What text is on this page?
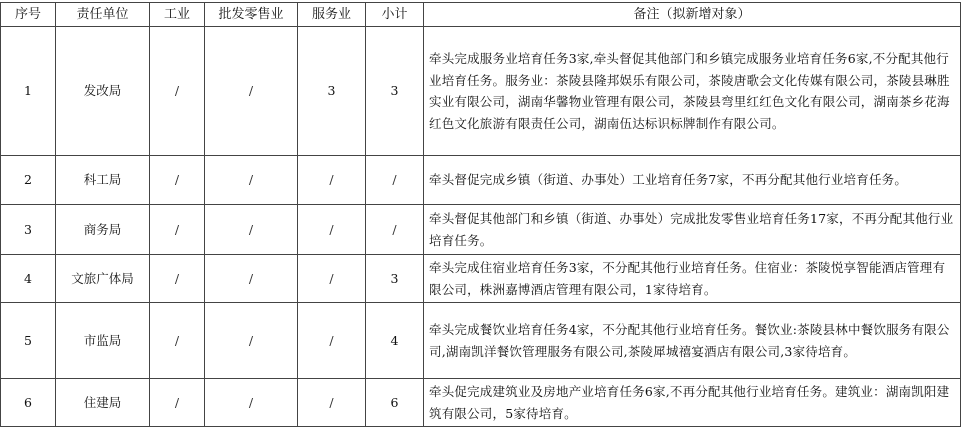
序号	责任单位	工业	批发零售业	服务业	小计	备注（拟新增对象）
1	发改局	/	/	3	3	牵头完成服务业培育任务3家,牵头督促其他部门和乡镇完成服务业培育任务6家,不分配其他行业培育任务。服务业：茶陵县隆邦娱乐有限公司，茶陵唐歌会文化传媒有限公司，茶陵县琳胜实业有限公司，湖南华馨物业管理有限公司，茶陵县弯里红红色文化有限公司，湖南茶乡花海红色文化旅游有限责任公司，湖南伍达标识标牌制作有限公司。
2	科工局	/	/	/	/	牵头督促完成乡镇（街道、办事处）工业培育任务7家，不再分配其他行业培育任务。
3	商务局	/	/	/	/	牵头督促其他部门和乡镇（街道、办事处）完成批发零售业培育任务17家，不再分配其他行业培育任务。
4	文旅广体局	/	/	/	3	牵头完成住宿业培育任务3家，不分配其他行业培育任务。住宿业：茶陵悦享智能酒店管理有限公司，株洲嘉博酒店管理有限公司，1家待培育。
5	市监局	/	/	/	4	牵头完成餐饮业培育任务4家，不分配其他行业培育任务。餐饮业:茶陵县林中餐饮服务有限公司,湖南凯洋餐饮管理服务有限公司,茶陵犀城禧宴酒店有限公司,3家待培育。
6	住建局	/	/	/	6	牵头促完成建筑业及房地产业培育任务6家,不再分配其他行业培育任务。建筑业：湖南凯阳建筑有限公司，5家待培育。
